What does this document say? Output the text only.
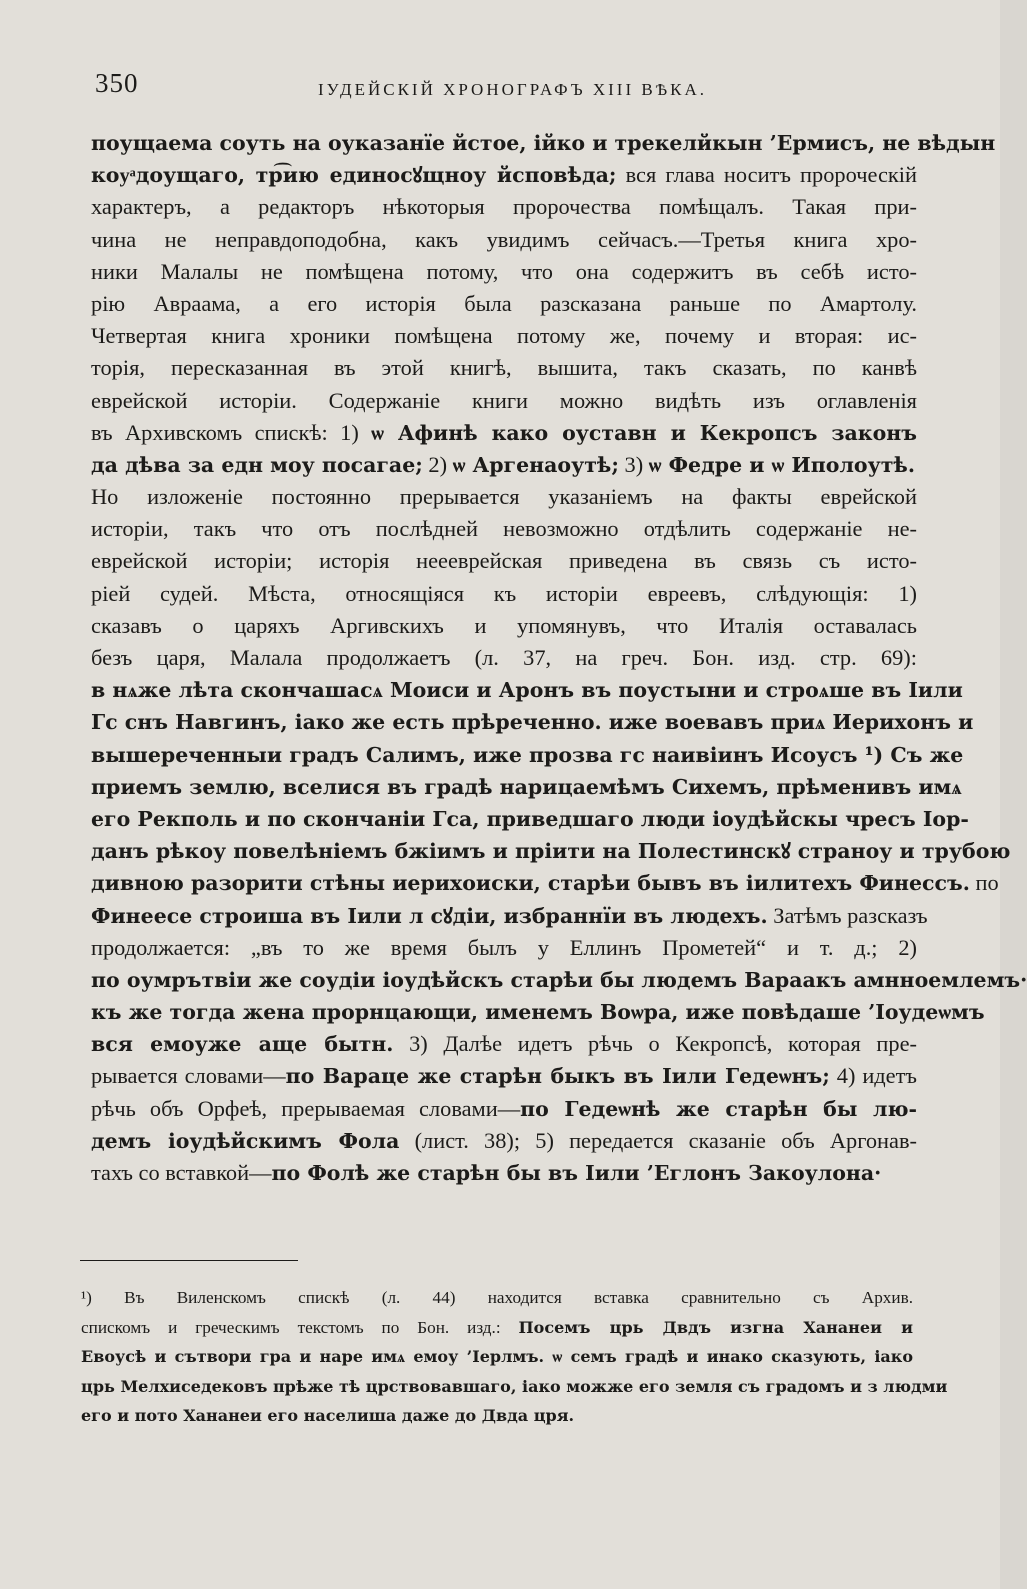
350	ІУДЕЙСКІЙ ХРОНОГРАФЪ XIII ВѢКА.
поущаема соуть на оуказанїе йстое, ійко и трекелйкын ’Ермисъ, не вѣдын
коуͣдоущаго, тр͡ию единосꙋщноу йсповѣда; вся глава носитъ пророческій
характеръ, а редакторъ нѣкоторыя пророчества помѣщалъ. Такая при-
чина не неправдоподобна, какъ увидимъ сейчасъ.—Третья книга хро-
ники Малалы не помѣщена потому, что она содержитъ въ себѣ исто-
рію Авраама, а его исторія была разсказана раньше по Амартолу.
Четвертая книга хроники помѣщена потому же, почему и вторая: ис-
торія, пересказанная въ этой книгѣ, вышита, такъ сказать, по канвѣ
еврейской исторіи. Содержаніе книги можно видѣть изъ оглавленія
въ Архивскомъ спискѣ: 1) ѡ Афинѣ како оуставн и Кекропсъ законъ
да дѣва за едн моу посагае; 2) ѡ Аргенаоутѣ; 3) ѡ Федре и ѡ Иполоутѣ.
Но изложеніе постоянно прерывается указаніемъ на факты еврейской
исторіи, такъ что отъ послѣдней невозможно отдѣлить содержаніе не-
еврейской исторіи; исторія неееврейская приведена въ связь съ исто-
ріей судей. Мѣста, относящіяся къ исторіи евреевъ, слѣдующія: 1)
сказавъ о царяхъ Аргивскихъ и упомянувъ, что Италія оставалась
безъ царя, Малала продолжаетъ (л. 37, на греч. Бон. изд. стр. 69):
в нѧже лѣта скончашасѧ Моиси и Аронъ въ поустыни и строѧше въ Іили
Гс снъ Навгинъ, іако же есть прѣреченно. иже воевавъ приѧ Иерихонъ и
вышереченныи градъ Салимъ, иже прозва гс наивіинъ Исоусъ ¹) Съ же
приемъ землю, вселися въ градѣ нарицаемѣмъ Сихемъ, прѣменивъ имѧ
его Рекполь и по скончаніи Гса, приведшаго люди іоудѣйскы чресъ Іор-
данъ рѣкоу повелѣніемъ бжіимъ и пріити на Полестинскꙋ страноу и трубою
дивною разорити стѣны иерихоиски, старѣи бывъ въ іилитехъ Финессъ. по
Финеесе строиша въ Іили л сꙋдіи, избраннїи въ людехъ. Затѣмъ разсказъ
продолжается: „въ то же время былъ у Еллинъ Прометей“ и т. д.; 2)
по оумрътвіи же соудіи іоудѣйскъ старѣи бы людемъ Вараакъ амнноемлемъ·
къ же тогда жена прорнцающи, именемъ Воѡра, иже повѣдаше ’Іоудеѡмъ
вся емоуже аще бытн. 3) Далѣе идетъ рѣчь о Кекропсѣ, которая пре-
рывается словами—по Вараце же старѣн быкъ въ Іили Гедеѡнъ; 4) идетъ
рѣчь объ Орфеѣ, прерываемая словами—по Гедеѡнѣ же старѣн бы лю-
демъ іоудѣйскимъ Фола (лист. 38); 5) передается сказаніе объ Аргонав-
тахъ со вставкой—по Фолѣ же старѣн бы въ Іили ’Еглонъ Закоулона·
¹) Въ Виленскомъ спискѣ (л. 44) находится вставка сравнительно съ Архив.
спискомъ и греческимъ текстомъ по Бон. изд.: Посемъ црь Двдъ изгна Хананеи и
Евоусѣ и сътвори гра и наре имѧ емоу ’Іерлмъ. ѡ семъ градѣ и инако сказують, іако
црь Мелхиседековъ прѣже тѣ црствовавшаго, іако можже его земля съ градомъ и з людми
его и пото Хананеи его населиша даже до Двда цря.
